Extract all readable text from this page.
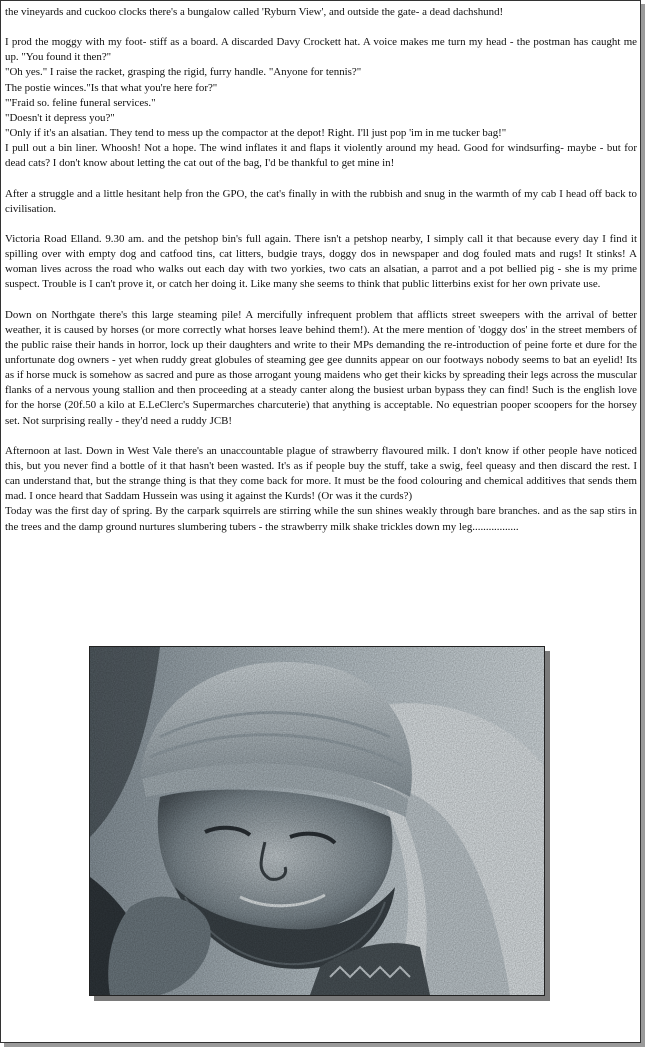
the vineyards and cuckoo clocks there's a bungalow called 'Ryburn View', and outside the gate- a dead dachshund!

I prod the moggy with my foot- stiff as a board. A discarded Davy Crockett hat. A voice makes me turn my head - the postman has caught me up. "You found it then?"
"Oh yes." I raise the racket, grasping the rigid, furry handle. "Anyone for tennis?"
The postie winces."Is that what you're here for?"
"'Fraid so. feline funeral services."
"Doesn't it depress you?"
"Only if it's an alsatian. They tend to mess up the compactor at the depot! Right. I'll just pop 'im in me tucker bag!"
I pull out a bin liner. Whoosh! Not a hope. The wind inflates it and flaps it violently around my head. Good for windsurfing- maybe - but for dead cats? I don't know about letting the cat out of the bag, I'd be thankful to get mine in!

After a struggle and a little hesitant help fron the GPO, the cat's finally in with the rubbish and snug in the warmth of my cab I head off back to civilisation.

Victoria Road Elland. 9.30 am. and the petshop bin's full again. There isn't a petshop nearby, I simply call it that because every day I find it spilling over with empty dog and catfood tins, cat litters, budgie trays, doggy dos in newspaper and dog fouled mats and rugs! It stinks! A woman lives across the road who walks out each day with two yorkies, two cats an alsatian, a parrot and a pot bellied pig - she is my prime suspect. Trouble is I can't prove it, or catch her doing it. Like many she seems to think that public litterbins exist for her own private use.

Down on Northgate there's this large steaming pile! A mercifully infrequent problem that afflicts street sweepers with the arrival of better weather, it is caused by horses (or more correctly what horses leave behind them!). At the mere mention of 'doggy dos' in the street members of the public raise their hands in horror, lock up their daughters and write to their MPs demanding the re-introduction of peine forte et dure for the unfortunate dog owners - yet when ruddy great globules of steaming gee gee dunnits appear on our footways nobody seems to bat an eyelid! Its as if horse muck is somehow as sacred and pure as those arrogant young maidens who get their kicks by spreading their legs across the muscular flanks of a nervous young stallion and then proceeding at a steady canter along the busiest urban bypass they can find! Such is the english love for the horse (20f.50 a kilo at E.LeClerc's Supermarches charcuterie) that anything is acceptable. No equestrian pooper scoopers for the horsey set. Not surprising really - they'd need a ruddy JCB!

Afternoon at last. Down in West Vale there's an unaccountable plague of strawberry flavoured milk. I don't know if other people have noticed this, but you never find a bottle of it that hasn't been wasted. It's as if people buy the stuff, take a swig, feel queasy and then discard the rest. I can understand that, but the strange thing is that they come back for more. It must be the food colouring and chemical additives that sends them mad. I once heard that Saddam Hussein was using it against the Kurds! (Or was it the curds?)

Today was the first day of spring. By the carpark squirrels are stirring while the sun shines weakly through bare branches. and as the sap stirs in the trees and the damp ground nurtures slumbering tubers - the strawberry milk shake trickles down my leg.................
